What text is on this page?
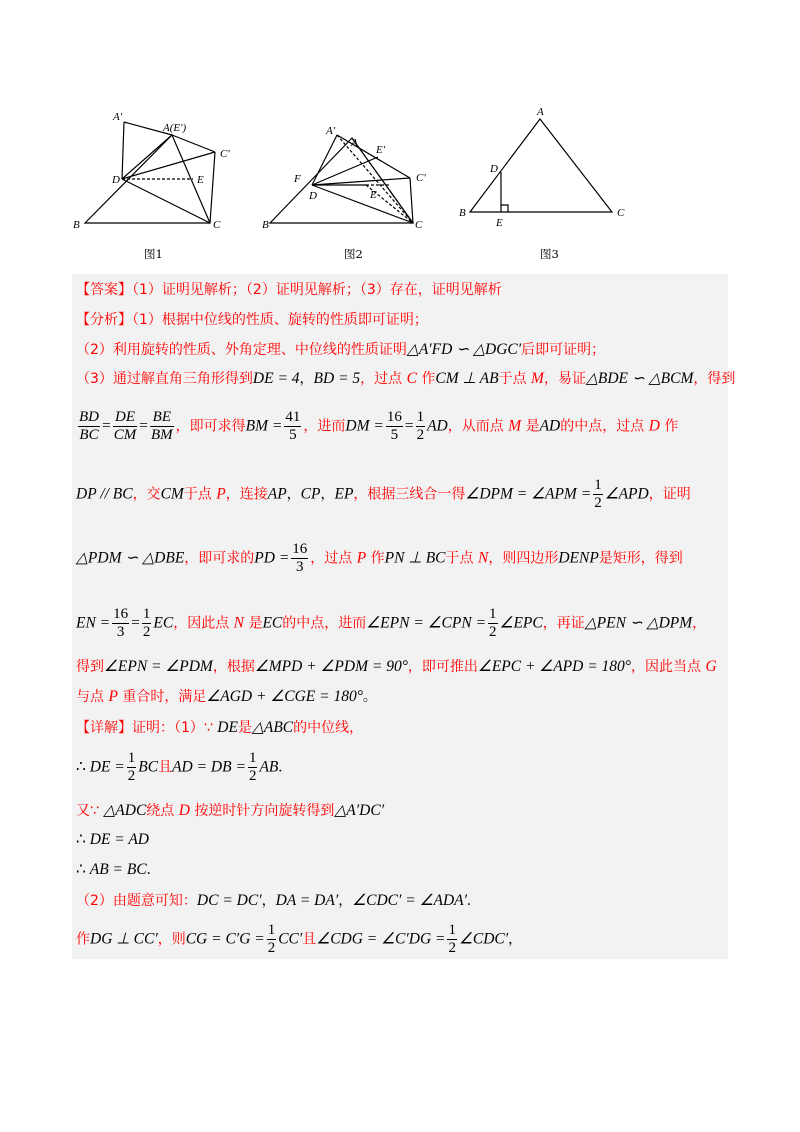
A′
A(E′)
C′
D	E
B	C
A′
A
E′
F	C′
D	E
B	C
A
D
B
E
C
图1	图2	图3
【答案】（1）证明见解析；（2）证明见解析；（3）存在，证明见解析
【分析】（1）根据中位线的性质、旋转的性质即可证明；
（2）利用旋转的性质、外角定理、中位线的性质证明△A′FD ∽ △DGC′后即可证明；
（3）通过解直角三角形得到DE = 4，BD = 5，过点 C 作CM ⊥ AB于点 M，易证△BDE ∽ △BCM，得到
$\frac{BD}{BC} = \frac{DE}{CM} = \frac{BE}{BM}$ ，即可求得BM = $\frac{41}{5}$ ，进而DM = $\frac{16}{5} = \frac{1}{2}$ AD，从而点 M 是AD的中点，过点 D 作
DP // BC，交CM于点 P，连接AP，CP，EP，根据三线合一得∠DPM = ∠APM = $\frac{1}{2}$ ∠APD，证明
△PDM ∽ △DBE，即可求的PD = $\frac{16}{3}$ ，过点 P 作PN ⊥ BC于点 N，则四边形DENP是矩形，得到
EN = $\frac{16}{3} = \frac{1}{2}$ EC，因此点 N 是EC的中点，进而∠EPN = ∠CPN = $\frac{1}{2}$ ∠EPC，再证△PEN ∽ △DPM，
得到∠EPN = ∠PDM，根据∠MPD + ∠PDM = 90°，即可推出∠EPC + ∠APD = 180°，因此当点 G
与点 P 重合时，满足∠AGD + ∠CGE = 180°。
【详解】证明：（1）∵ DE是△ABC的中位线，
∴ DE = $\frac{1}{2}$ BC且AD = DB = $\frac{1}{2}$ AB.
又∵ △ADC绕点 D 按逆时针方向旋转得到△A′DC′
∴ DE = AD
∴ AB = BC.
（2）由题意可知：DC = DC′，DA = DA′，∠CDC′ = ∠ADA′.
作DG ⊥ CC′，则CG = $C'G = \frac{1}{2} CC'$且∠CDG = ∠C′DG = $\frac{1}{2}$ ∠CDC′，
